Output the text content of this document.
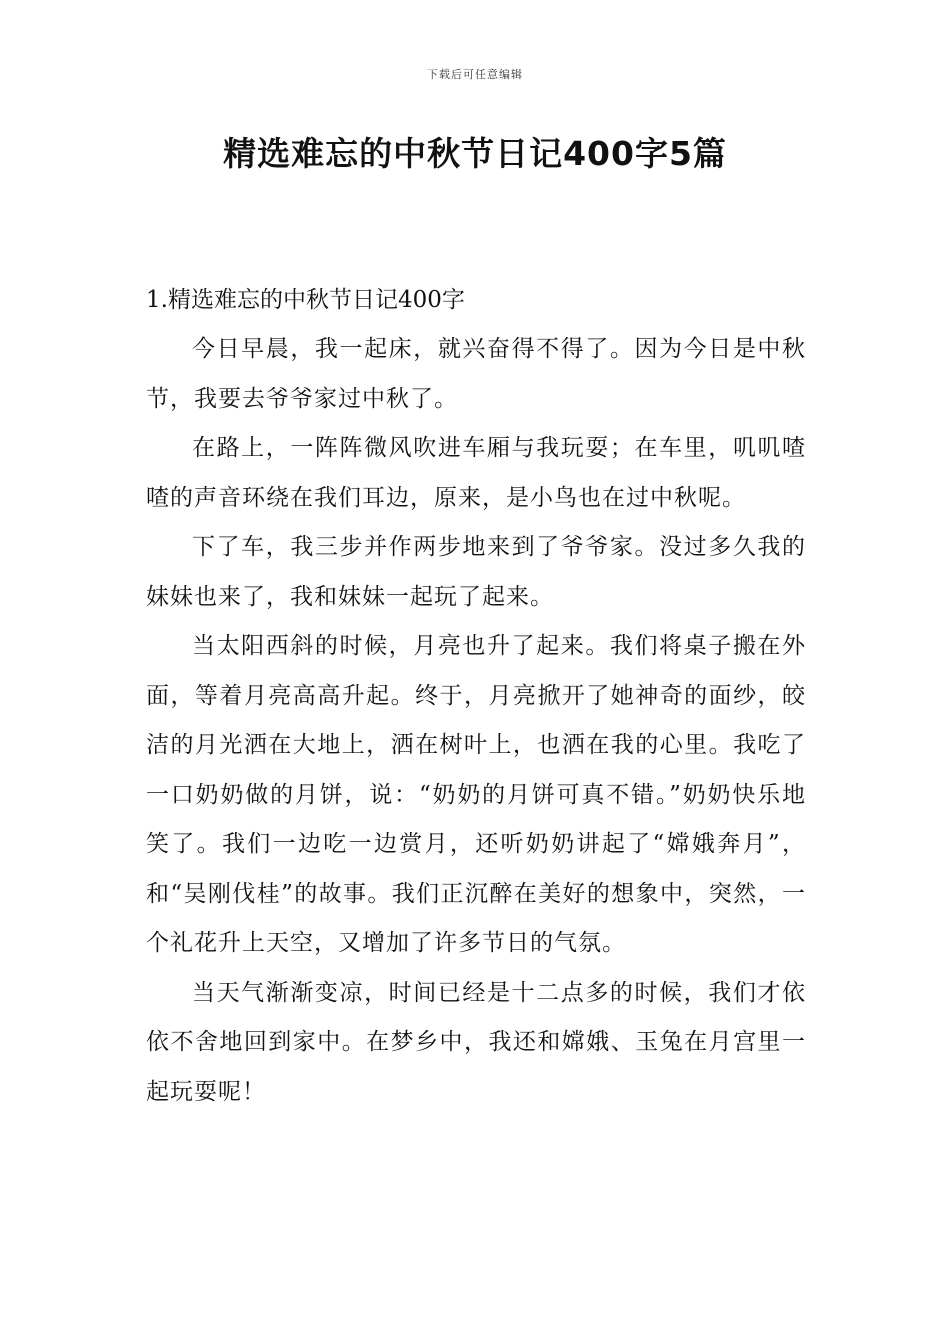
下载后可任意编辑
精选难忘的中秋节日记400字5篇

1.精选难忘的中秋节日记400字

今日早晨，我一起床，就兴奋得不得了。因为今日是中秋节，我要去爷爷家过中秋了。

在路上，一阵阵微风吹进车厢与我玩耍；在车里，叽叽喳喳的声音环绕在我们耳边，原来，是小鸟也在过中秋呢。

下了车，我三步并作两步地来到了爷爷家。没过多久我的妹妹也来了，我和妹妹一起玩了起来。

当太阳西斜的时候，月亮也升了起来。我们将桌子搬在外面，等着月亮高高升起。终于，月亮掀开了她神奇的面纱，皎洁的月光洒在大地上，洒在树叶上，也洒在我的心里。我吃了一口奶奶做的月饼，说：“奶奶的月饼可真不错。”奶奶快乐地笑了。我们一边吃一边赏月，还听奶奶讲起了“嫦娥奔月”，和“吴刚伐桂”的故事。我们正沉醉在美好的想象中，突然，一个礼花升上天空，又增加了许多节日的气氛。

当天气渐渐变凉，时间已经是十二点多的时候，我们才依依不舍地回到家中。在梦乡中，我还和嫦娥、玉兔在月宫里一起玩耍呢！
